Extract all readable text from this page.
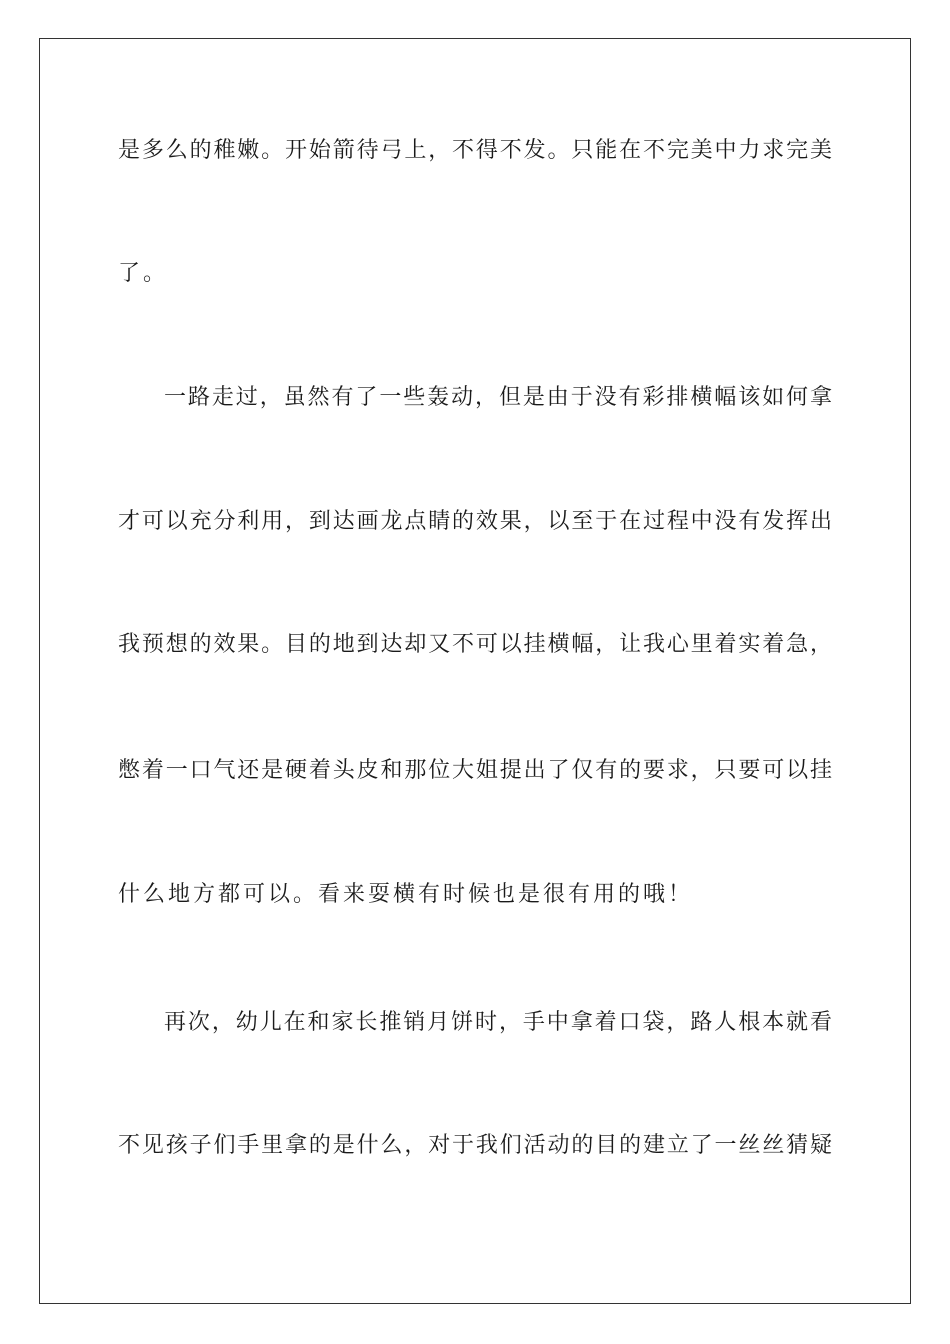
是多么的稚嫩。开始箭待弓上，不得不发。只能在不完美中力求完美
了。
一路走过，虽然有了一些轰动，但是由于没有彩排横幅该如何拿
才可以充分利用，到达画龙点睛的效果，以至于在过程中没有发挥出
我预想的效果。目的地到达却又不可以挂横幅，让我心里着实着急，
憋着一口气还是硬着头皮和那位大姐提出了仅有的要求，只要可以挂
什么地方都可以。看来耍横有时候也是很有用的哦！
再次，幼儿在和家长推销月饼时，手中拿着口袋，路人根本就看
不见孩子们手里拿的是什么，对于我们活动的目的建立了一丝丝猜疑
